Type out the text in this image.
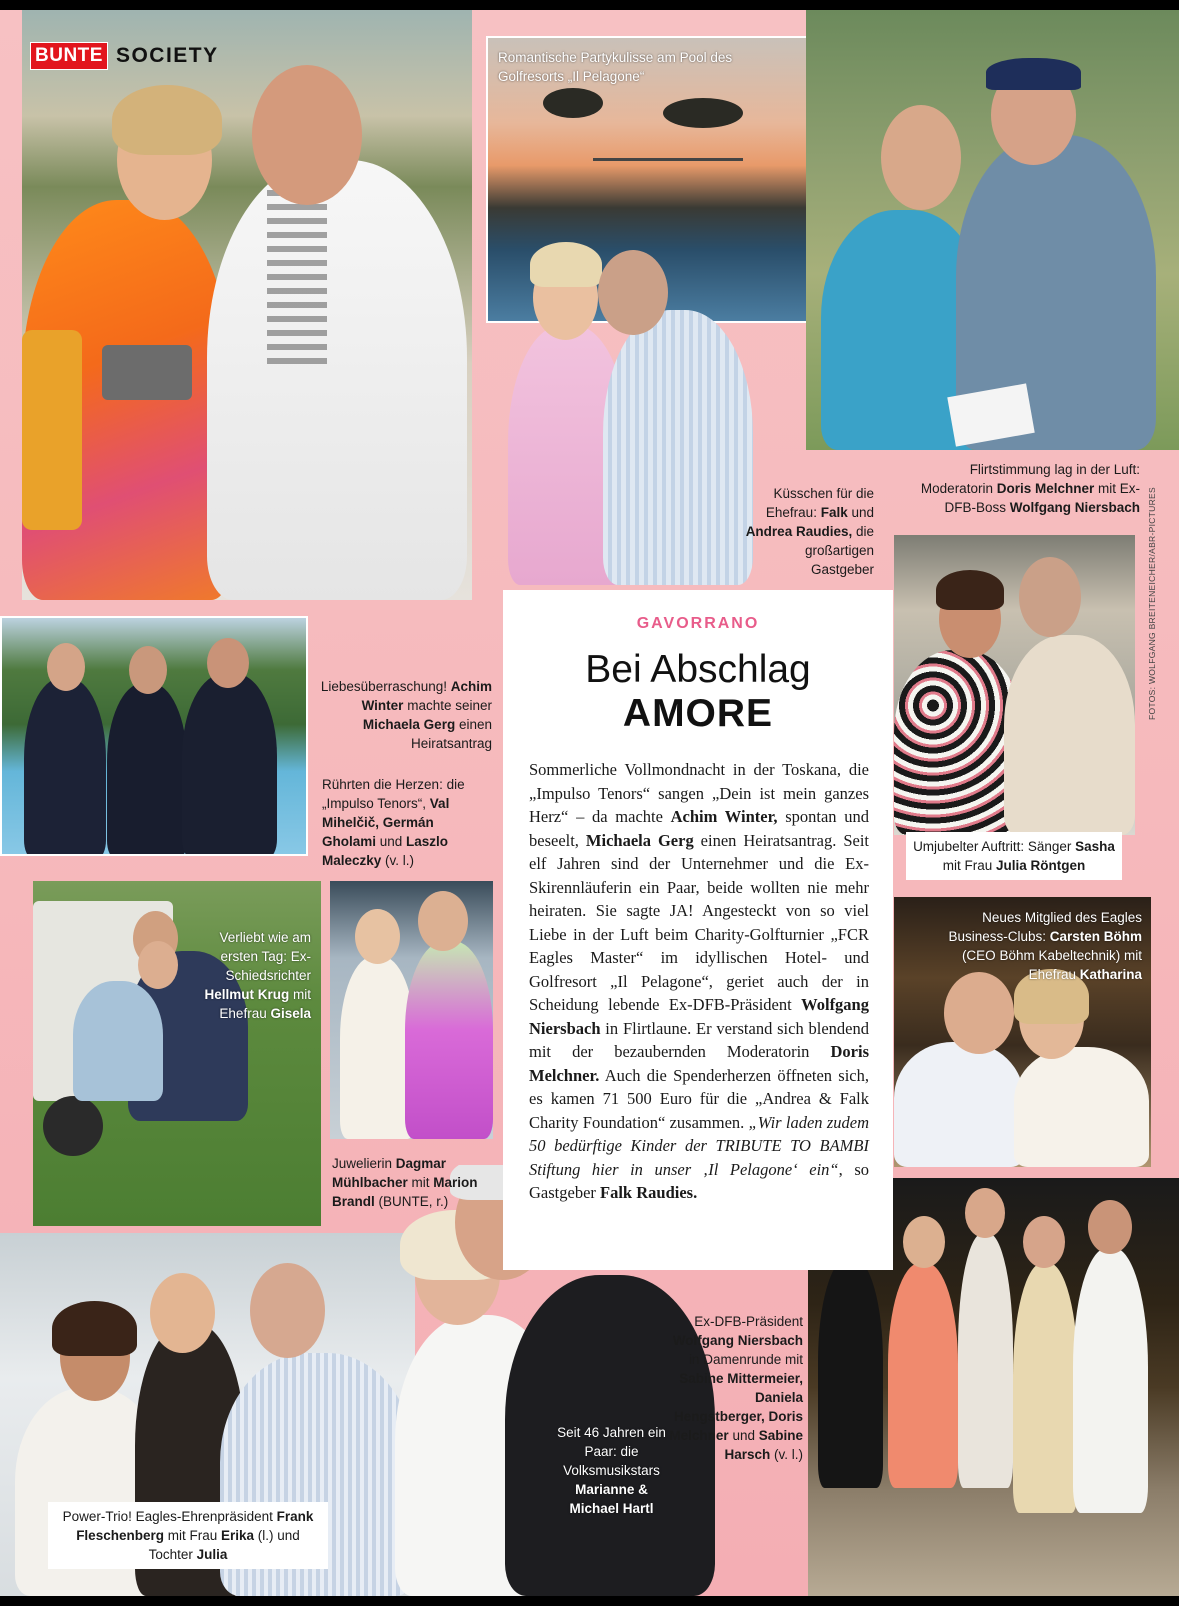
BUNTE SOCIETY
GAVORRANO
Bei Abschlag
AMORE
Sommerliche Vollmondnacht in der Toskana, die „Impulso Tenors“ sangen „Dein ist mein ganzes Herz“ – da machte Achim Winter, spontan und beseelt, Michaela Gerg einen Heiratsantrag. Seit elf Jahren sind der Unternehmer und die Ex-Skirennläuferin ein Paar, beide wollten nie mehr heiraten. Sie sagte JA! Angesteckt von so viel Liebe in der Luft beim Charity-Golfturnier „FCR Eagles Master“ im idyllischen Hotel- und Golfresort „Il Pelagone“, geriet auch der in Scheidung lebende Ex-DFB-Präsident Wolfgang Niersbach in Flirtlaune. Er verstand sich blendend mit der bezaubernden Moderatorin Doris Melchner. Auch die Spenderherzen öffneten sich, es kamen 71 500 Euro für die „Andrea & Falk Charity Foundation“ zusammen. „Wir laden zudem 50 bedürftige Kinder der TRIBUTE TO BAMBI Stiftung hier in unser ‚Il Pelagone‘ ein“, so Gastgeber Falk Raudies.
Romantische Partykulisse am Pool des Golfresorts „Il Pelagone“
Küsschen für die Ehefrau: Falk und Andrea Raudies, die großartigen Gastgeber
Flirtstimmung lag in der Luft: Moderatorin Doris Melchner mit Ex-DFB-Boss Wolfgang Niersbach
Liebesüberraschung! Achim Winter machte seiner Michaela Gerg einen Heiratsantrag
Rührten die Herzen: die „Impulso Tenors“, Val Mihelčič, Germán Gholami und Laszlo Maleczky (v. l.)
Umjubelter Auftritt: Sänger Sasha mit Frau Julia Röntgen
Neues Mitglied des Eagles Business-Clubs: Carsten Böhm (CEO Böhm Kabeltechnik) mit Ehefrau Katharina
Verliebt wie am ersten Tag: Ex-Schiedsrichter Hellmut Krug mit Ehefrau Gisela
Juwelierin Dagmar Mühlbacher mit Marion Brandl (BUNTE, r.)
Seit 46 Jahren ein Paar: die Volksmusikstars Marianne & Michael Hartl
Ex-DFB-Präsident Wolfgang Niersbach in Damenrunde mit Sabine Mittermeier, Daniela Hengstberger, Doris Melchner und Sabine Harsch (v. l.)
Power-Trio! Eagles-Ehrenpräsident Frank Fleschenberg mit Frau Erika (l.) und Tochter Julia
FOTOS: WOLFGANG BREITENEICHER/ABR-PICTURES
